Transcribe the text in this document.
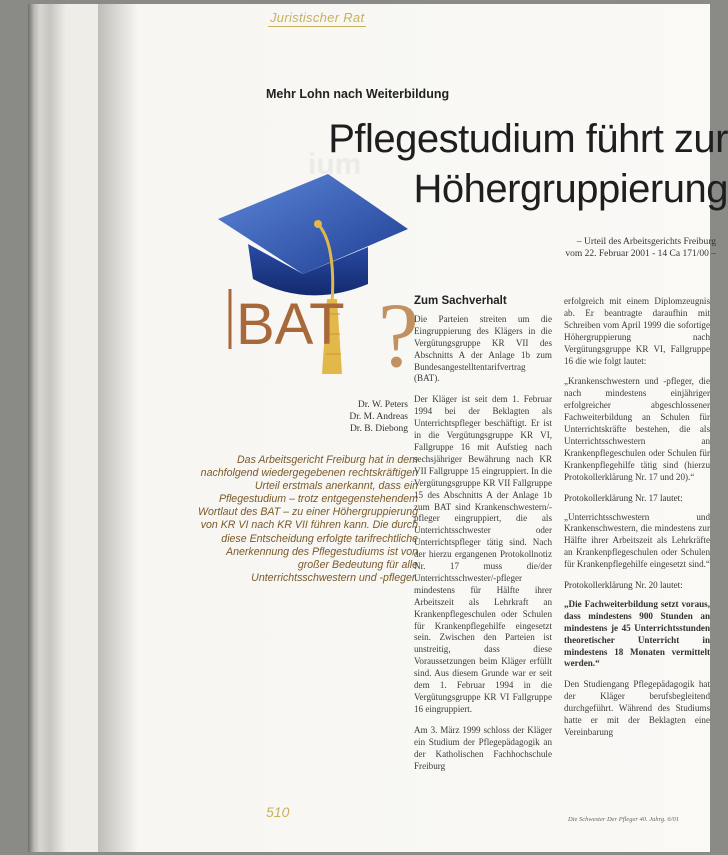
Juristischer Rat
Mehr Lohn nach Weiterbildung
Pflegestudium führt zur
Höhergruppierung
– Urteil des Arbeitsgerichts Freiburg
vom 22. Februar 2001 - 14 Ca 171/00 –
ium
BAT ?
Dr. W. Peters
Dr. M. Andreas
Dr. B. Diebong
Das Arbeitsgericht Freiburg hat in dem nachfolgend wiedergegebenen rechtskräftigen Urteil erstmals anerkannt, dass ein Pflegestudium – trotz entgegenstehendem Wortlaut des BAT – zu einer Höhergruppierung von KR VI nach KR VII führen kann. Die durch diese Entscheidung erfolgte tarifrechtliche Anerkennung des Pflegestudiums ist von großer Bedeutung für alle Unterrichtsschwestern und -pfleger.
Zum Sachverhalt

Die Parteien streiten um die Eingruppierung des Klägers in die Vergütungsgruppe KR VII des Abschnitts A der Anlage 1b zum Bundesangestelltentarifvertrag (BAT).

Der Kläger ist seit dem 1. Februar 1994 bei der Beklagten als Unterrichtspfleger beschäftigt. Er ist in die Vergütungsgruppe KR VI, Fallgruppe 16 mit Aufstieg nach sechsjähriger Bewährung nach KR VII Fallgruppe 15 eingruppiert. In die Vergütungsgruppe KR VII Fallgruppe 15 des Abschnitts A der Anlage 1b zum BAT sind Krankenschwestern/-pfleger eingruppiert, die als Unterrichtsschwester oder Unterrichtspfleger tätig sind. Nach der hierzu ergangenen Protokollnotiz Nr. 17 muss die/der Unterrichtsschwester/-pfleger mindestens für Hälfte ihrer Arbeitszeit als Lehrkraft an Krankenpflegeschulen oder Schulen für Krankenpflegehilfe eingesetzt sein. Zwischen den Parteien ist unstreitig, dass diese Voraussetzungen beim Kläger erfüllt sind. Aus diesem Grunde war er seit dem 1. Februar 1994 in die Vergütungsgruppe KR VI Fallgruppe 16 eingruppiert.

Am 3. März 1999 schloss der Kläger ein Studium der Pflegepädagogik an der Katholischen Fachhochschule Freiburg

erfolgreich mit einem Diplomzeugnis ab. Er beantragte daraufhin mit Schreiben vom April 1999 die sofortige Höhergruppierung nach Vergütungsgruppe KR VI, Fallgruppe 16 die wie folgt lautet:

„Krankenschwestern und -pfleger, die nach mindestens einjähriger erfolgreicher abgeschlossener Fachweiterbildung an Schulen für Unterrichtskräfte bestehen, die als Unterrichtsschwestern an Krankenpflegeschulen oder Schulen für Krankenpflegehilfe tätig sind (hierzu Protokollerklärung Nr. 17 und 20).“

Protokollerklärung Nr. 17 lautet:

„Unterrichtsschwestern und Krankenschwestern, die mindestens zur Hälfte ihrer Arbeitszeit als Lehrkräfte an Krankenpflegeschulen oder Schulen für Krankenpflegehilfe eingesetzt sind.“

Protokollerklärung Nr. 20 lautet:

„Die Fachweiterbildung setzt voraus, dass mindestens 900 Stunden an mindestens je 45 Unterrichtsstunden theoretischer Unterricht in mindestens 18 Monaten vermittelt werden.“

Den Studiengang Pflegepädagogik hat der Kläger berufsbegleitend durchgeführt. Während des Studiums hatte er mit der Beklagten eine Vereinbarung

510	Die Schwester Der Pfleger 40. Jahrg. 6/01
